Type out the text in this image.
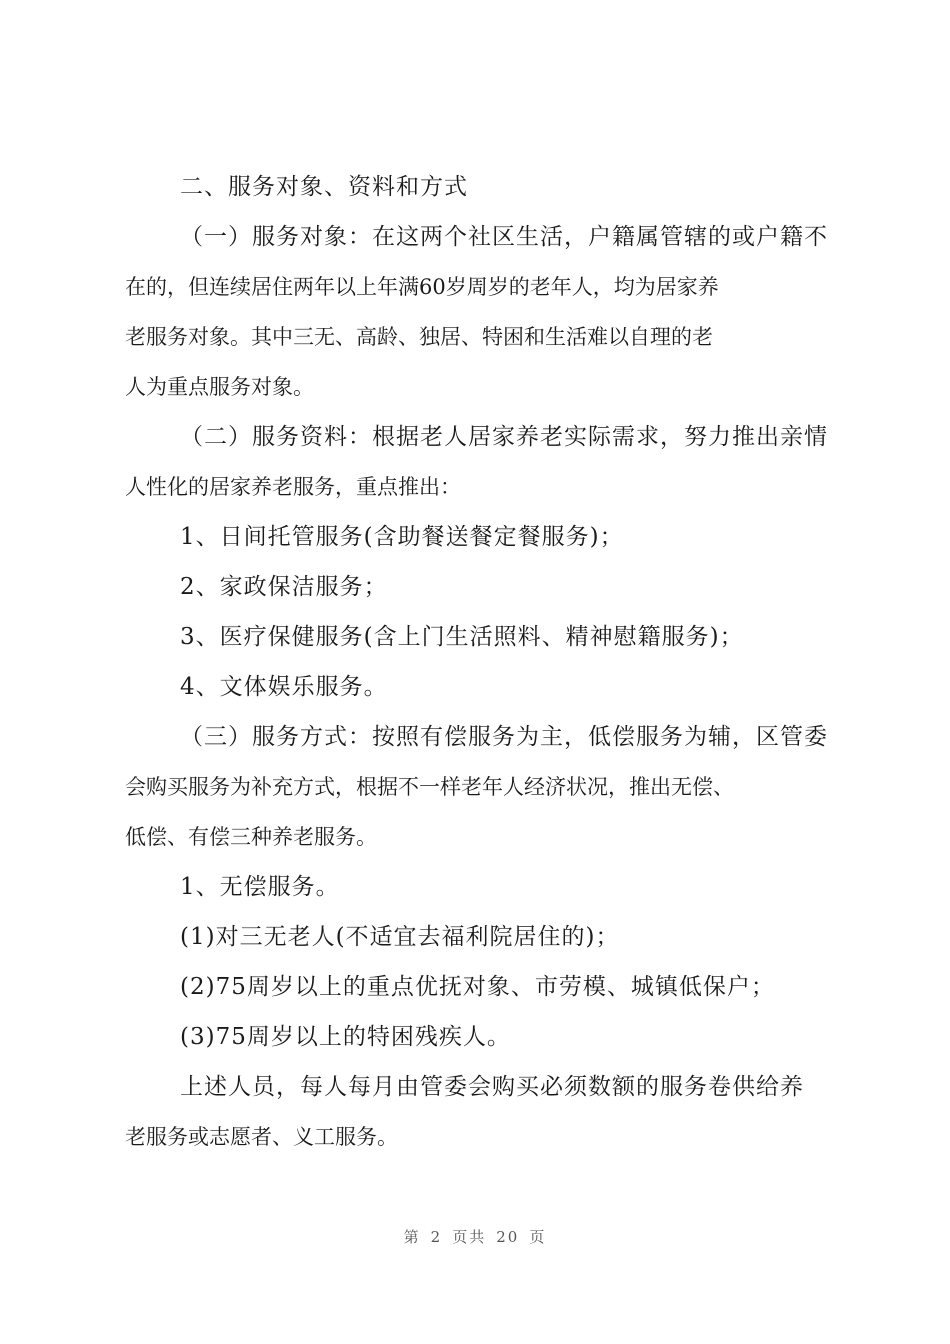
二、服务对象、资料和方式
（一）服务对象：在这两个社区生活，户籍属管辖的或户籍不
在的，但连续居住两年以上年满60岁周岁的老年人，均为居家养
老服务对象。其中三无、高龄、独居、特困和生活难以自理的老
人为重点服务对象。
（二）服务资料：根据老人居家养老实际需求，努力推出亲情
人性化的居家养老服务，重点推出：
1、日间托管服务(含助餐送餐定餐服务)；
2、家政保洁服务；
3、医疗保健服务(含上门生活照料、精神慰籍服务)；
4、文体娱乐服务。
（三）服务方式：按照有偿服务为主，低偿服务为辅，区管委
会购买服务为补充方式，根据不一样老年人经济状况，推出无偿、
低偿、有偿三种养老服务。
1、无偿服务。
(1)对三无老人(不适宜去福利院居住的)；
(2)75周岁以上的重点优抚对象、市劳模、城镇低保户；
(3)75周岁以上的特困残疾人。
上述人员，每人每月由管委会购买必须数额的服务卷供给养
老服务或志愿者、义工服务。
第 2 页共 20 页
